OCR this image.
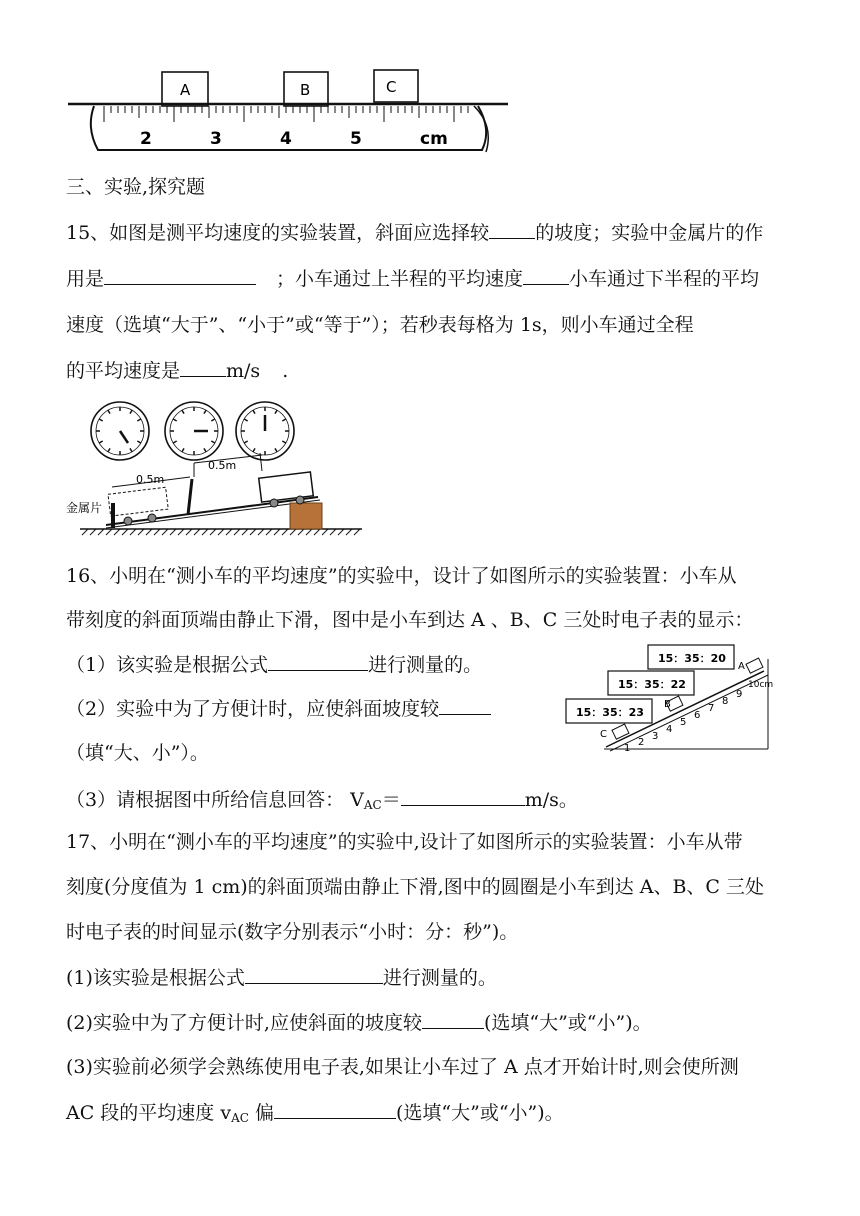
A	B	C
2	3	4	5	cm
三、实验,探究题
15、如图是测平均速度的实验装置，斜面应选择较 的坡度；实验中金属片的作
用是	；小车通过上半程的平均速度 小车通过下半程的平均
速度（选填“大于”、“小于”或“等于”）；若秒表每格为 1s，则小车通过全程
的平均速度是 m/s .
金属片
0.5m
0.5m
16、小明在“测小车的平均速度”的实验中，设计了如图所示的实验装置：小车从
带刻度的斜面顶端由静止下滑，图中是小车到达 A 、B、C 三处时电子表的显示：
（1）该实验是根据公式	进行测量的。
（2）实验中为了方便计时，应使斜面坡度较
（填“大、小”）。
（3）请根据图中所给信息回答： $V_{AC}=$	m/s。
15：35：20
15：35：22
15：35：23
A
B
C
1
2
3
4
5
6
7
8
9
10cm
17、小明在“测小车的平均速度”的实验中,设计了如图所示的实验装置：小车从带
刻度(分度值为 1 cm)的斜面顶端由静止下滑,图中的圆圈是小车到达 A、B、C 三处
时电子表的时间显示(数字分别表示“小时：分：秒”)。
(1)该实验是根据公式	进行测量的。
(2)实验中为了方便计时,应使斜面的坡度较	(选填“大”或“小”)。
(3)实验前必须学会熟练使用电子表,如果让小车过了 A 点才开始计时,则会使所测
AC 段的平均速度 $v_{AC}$ 偏	(选填“大”或“小”)。
